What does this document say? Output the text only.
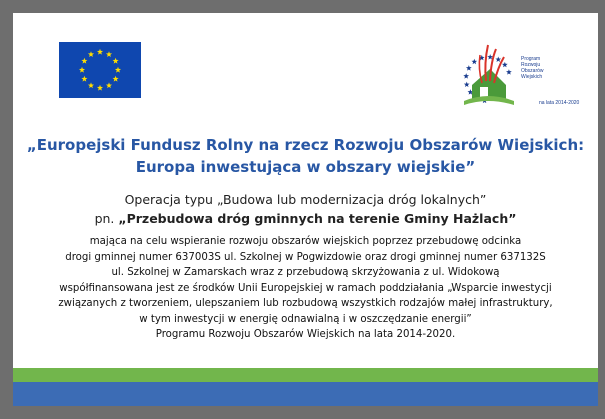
Program
Rozwoju
Obszarów
Wiejskich
na lata 2014-2020
„Europejski Fundusz Rolny na rzecz Rozwoju Obszarów Wiejskich:
Europa inwestująca w obszary wiejskie”
Operacja typu „Budowa lub modernizacja dróg lokalnych”
pn. „Przebudowa dróg gminnych na terenie Gminy Hażlach”
mająca na celu wspieranie rozwoju obszarów wiejskich poprzez przebudowę odcinka
drogi gminnej numer 637003S ul. Szkolnej w Pogwizdowie oraz drogi gminnej numer 637132S
ul. Szkolnej w Zamarskach wraz z przebudową skrzyżowania z ul. Widokową
współfinansowana jest ze środków Unii Europejskiej w ramach poddziałania „Wsparcie inwestycji
związanych z tworzeniem, ulepszaniem lub rozbudową wszystkich rodzajów małej infrastruktury,
w tym inwestycji w energię odnawialną i w oszczędzanie energii”
Programu Rozwoju Obszarów Wiejskich na lata 2014-2020.
